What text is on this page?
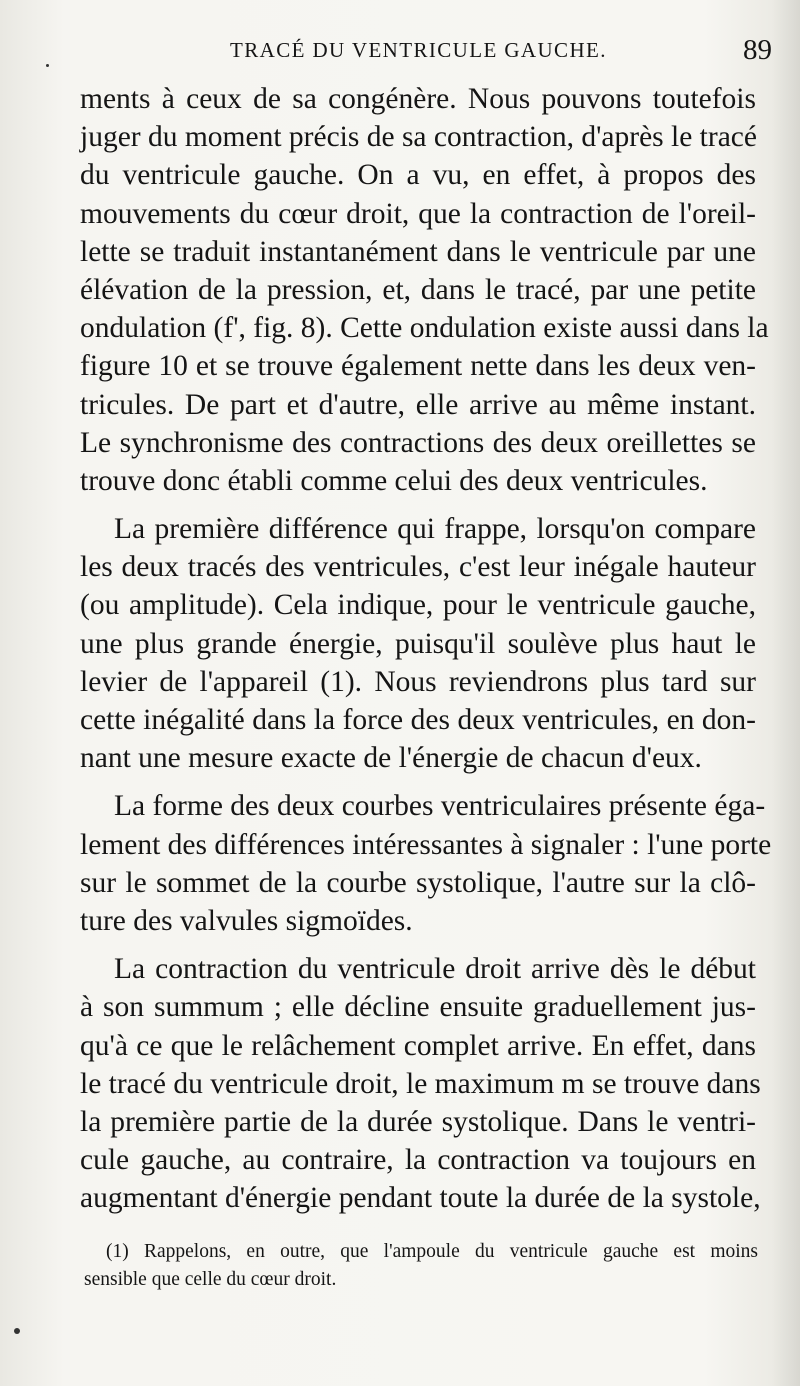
TRACÉ DU VENTRICULE GAUCHE.	89
ments à ceux de sa congénère. Nous pouvons toutefois
juger du moment précis de sa contraction, d'après le tracé
du ventricule gauche. On a vu, en effet, à propos des
mouvements du cœur droit, que la contraction de l'oreil-
lette se traduit instantanément dans le ventricule par une
élévation de la pression, et, dans le tracé, par une petite
ondulation (f', fig. 8). Cette ondulation existe aussi dans la
figure 10 et se trouve également nette dans les deux ven-
tricules. De part et d'autre, elle arrive au même instant.
Le synchronisme des contractions des deux oreillettes se
trouve donc établi comme celui des deux ventricules.
La première différence qui frappe, lorsqu'on compare
les deux tracés des ventricules, c'est leur inégale hauteur
(ou amplitude). Cela indique, pour le ventricule gauche,
une plus grande énergie, puisqu'il soulève plus haut le
levier de l'appareil (1). Nous reviendrons plus tard sur
cette inégalité dans la force des deux ventricules, en don-
nant une mesure exacte de l'énergie de chacun d'eux.
La forme des deux courbes ventriculaires présente éga-
lement des différences intéressantes à signaler : l'une porte
sur le sommet de la courbe systolique, l'autre sur la clô-
ture des valvules sigmoïdes.
La contraction du ventricule droit arrive dès le début
à son summum ; elle décline ensuite graduellement jus-
qu'à ce que le relâchement complet arrive. En effet, dans
le tracé du ventricule droit, le maximum m se trouve dans
la première partie de la durée systolique. Dans le ventri-
cule gauche, au contraire, la contraction va toujours en
augmentant d'énergie pendant toute la durée de la systole,
(1) Rappelons, en outre, que l'ampoule du ventricule gauche est moins
sensible que celle du cœur droit.
